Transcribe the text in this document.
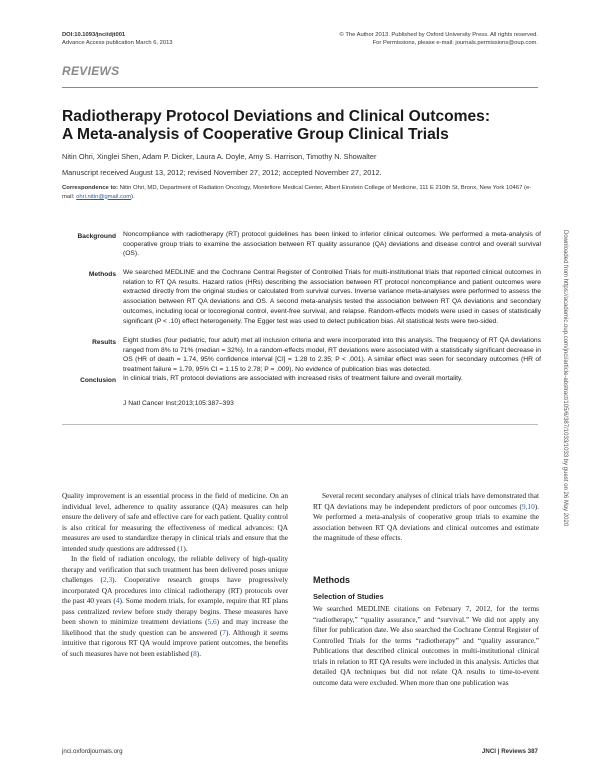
DOI:10.1093/jnci/djt001
Advance Access publication March 6, 2013
© The Author 2013. Published by Oxford University Press. All rights reserved.
For Permissions, please e-mail: journals.permissions@oup.com.
REVIEWS
Radiotherapy Protocol Deviations and Clinical Outcomes:
A Meta-analysis of Cooperative Group Clinical Trials
Nitin Ohri, Xinglei Shen, Adam P. Dicker, Laura A. Doyle, Amy S. Harrison, Timothy N. Showalter
Manuscript received August 13, 2012; revised November 27, 2012; accepted November 27, 2012.
Correspondence to: Nitin Ohri, MD, Department of Radiation Oncology, Montefiore Medical Center, Albert Einstein College of Medicine, 111 E 210th St, Bronx, New York 10467 (e-mail: ohri.nitin@gmail.com).
Background Noncompliance with radiotherapy (RT) protocol guidelines has been linked to inferior clinical outcomes. We performed a meta-analysis of cooperative group trials to examine the association between RT quality assurance (QA) deviations and disease control and overall survival (OS).
Methods We searched MEDLINE and the Cochrane Central Register of Controlled Trials for multi-institutional trials that reported clinical outcomes in relation to RT QA results. Hazard ratios (HRs) describing the association between RT protocol noncompliance and patient outcomes were extracted directly from the original studies or calculated from survival curves. Inverse variance meta-analyses were performed to assess the association between RT QA deviations and OS. A second meta-analysis tested the association between RT QA deviations and secondary outcomes, including local or locoregional control, event-free survival, and relapse. Random-effects models were used in cases of statistically significant (P < .10) effect heterogeneity. The Egger test was used to detect publication bias. All statistical tests were two-sided.
Results Eight studies (four pediatric, four adult) met all inclusion criteria and were incorporated into this analysis. The frequency of RT QA deviations ranged from 8% to 71% (median = 32%). In a random-effects model, RT deviations were associated with a statistically significant decrease in OS (HR of death = 1.74, 95% confidence interval [CI] = 1.28 to 2.35; P < .001). A similar effect was seen for secondary outcomes (HR of treatment failure = 1.79, 95% CI = 1.15 to 2.78; P = .009). No evidence of publication bias was detected.
Conclusion In clinical trials, RT protocol deviations are associated with increased risks of treatment failure and overall mortality.
J Natl Cancer Inst;2013;105:387–393

Quality improvement is an essential process in the field of medicine. On an individual level, adherence to quality assurance (QA) measures can help ensure the delivery of safe and effective care for each patient. Quality control is also critical for measuring the effectiveness of medical advances: QA measures are used to standardize therapy in clinical trials and ensure that the intended study questions are addressed (1).

In the field of radiation oncology, the reliable delivery of high-quality therapy and verification that such treatment has been delivered poses unique challenges (2,3). Cooperative research groups have progressively incorporated QA procedures into clinical radiotherapy (RT) protocols over the past 40 years (4). Some modern trials, for example, require that RT plans pass centralized review before study therapy begins. These measures have been shown to minimize treatment deviations (5,6) and may increase the likelihood that the study question can be answered (7). Although it seems intuitive that rigorous RT QA would improve patient outcomes, the benefits of such measures have not been established (8).

Several recent secondary analyses of clinical trials have demonstrated that RT QA deviations may be independent predictors of poor outcomes (9,10). We performed a meta-analysis of cooperative group trials to examine the association between RT QA deviations and clinical outcomes and estimate the magnitude of these effects.

Methods
Selection of Studies

We searched MEDLINE citations on February 7, 2012, for the terms “radiotherapy,” “quality assurance,” and “survival.” We did not apply any filter for publication date. We also searched the Cochrane Central Register of Controlled Trials for the terms “radiotherapy” and “quality assurance.” Publications that described clinical outcomes in multi-institutional clinical trials in relation to RT QA results were included in this analysis. Articles that detailed QA techniques but did not relate QA results to time-to-event outcome data were excluded. When more than one publication was

Downloaded from https://academic.oup.com/jnci/article-abstract/105/6/387/1033/1033 by guest on 26 May 2020
jnci.oxfordjournals.org	JNCI | Reviews 387
